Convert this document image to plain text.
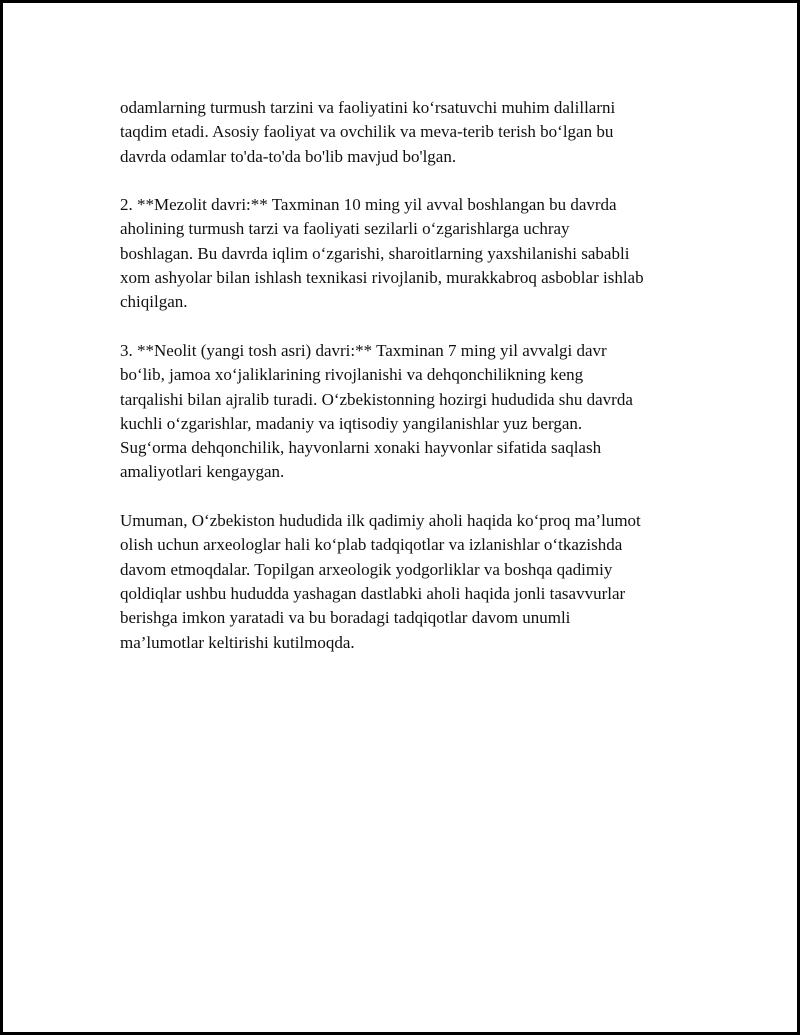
odamlarning turmush tarzini va faoliyatini ko‘rsatuvchi muhim dalillarni
taqdim etadi. Asosiy faoliyat va ovchilik va meva-terib terish bo‘lgan bu
davrda odamlar to'da-to'da bo'lib mavjud bo'lgan.

2. **Mezolit davri:** Taxminan 10 ming yil avval boshlangan bu davrda
aholining turmush tarzi va faoliyati sezilarli o‘zgarishlarga uchray
boshlagan. Bu davrda iqlim o‘zgarishi, sharoitlarning yaxshilanishi sababli
xom ashyolar bilan ishlash texnikasi rivojlanib, murakkabroq asboblar ishlab
chiqilgan.

3. **Neolit (yangi tosh asri) davri:** Taxminan 7 ming yil avvalgi davr
bo‘lib, jamoa xo‘jaliklarining rivojlanishi va dehqonchilikning keng
tarqalishi bilan ajralib turadi. O‘zbekistonning hozirgi hududida shu davrda
kuchli o‘zgarishlar, madaniy va iqtisodiy yangilanishlar yuz bergan.
Sug‘orma dehqonchilik, hayvonlarni xonaki hayvonlar sifatida saqlash
amaliyotlari kengaygan.

Umuman, O‘zbekiston hududida ilk qadimiy aholi haqida ko‘proq ma’lumot
olish uchun arxeologlar hali ko‘plab tadqiqotlar va izlanishlar o‘tkazishda
davom etmoqdalar. Topilgan arxeologik yodgorliklar va boshqa qadimiy
qoldiqlar ushbu hududda yashagan dastlabki aholi haqida jonli tasavvurlar
berishga imkon yaratadi va bu boradagi tadqiqotlar davom unumli
ma’lumotlar keltirishi kutilmoqda.
